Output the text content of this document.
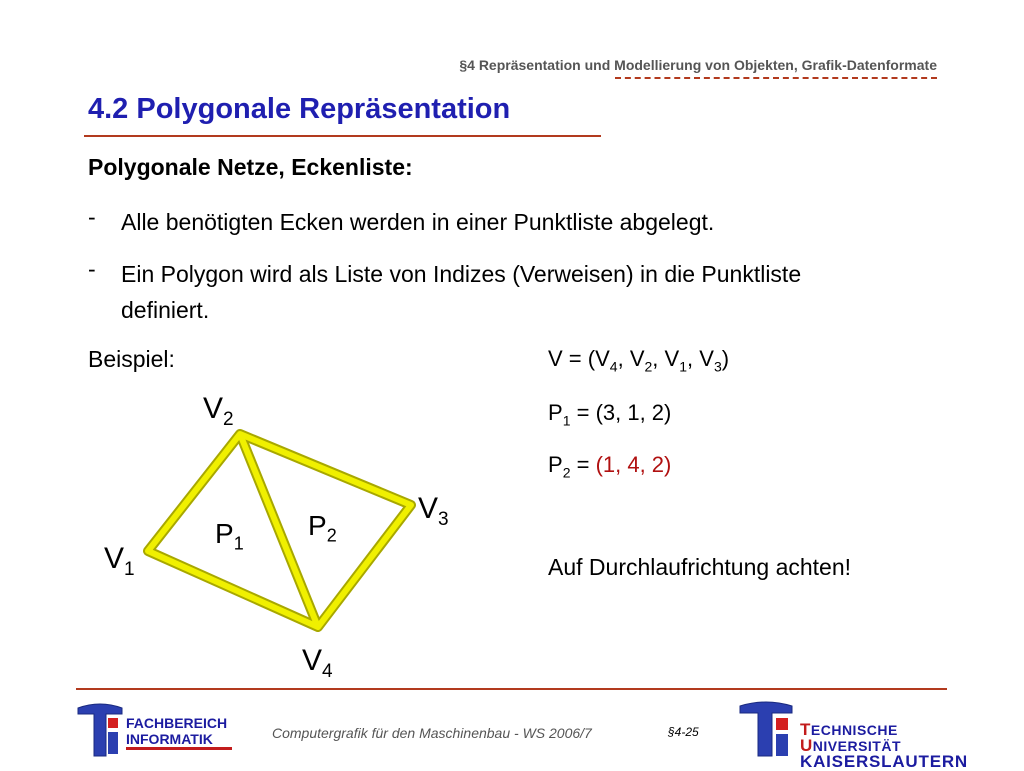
§4 Repräsentation und Modellierung von Objekten, Grafik-Datenformate
4.2 Polygonale Repräsentation
Polygonale Netze, Eckenliste:
- Alle benötigten Ecken werden in einer Punktliste abgelegt.
- Ein Polygon wird als Liste von Indizes (Verweisen) in die Punktliste definiert.
Beispiel:	$V = (V_4$, $V_2$, $V_1$, $V_3$)
$P_1 = (3$, 1, 2)
$P_2 = (1$, 4, 2)
Auf Durchlaufrichtung achten!
$V_2$
$V_3$
$V_1$
$V_4$
$P_1$
$P_2$
FACHBEREICH
INFORMATIK	Computergrafik für den Maschinenbau - WS 2006/7	§4-25	TECHNISCHE UNIVERSITÄT
KAISERSLAUTERN
